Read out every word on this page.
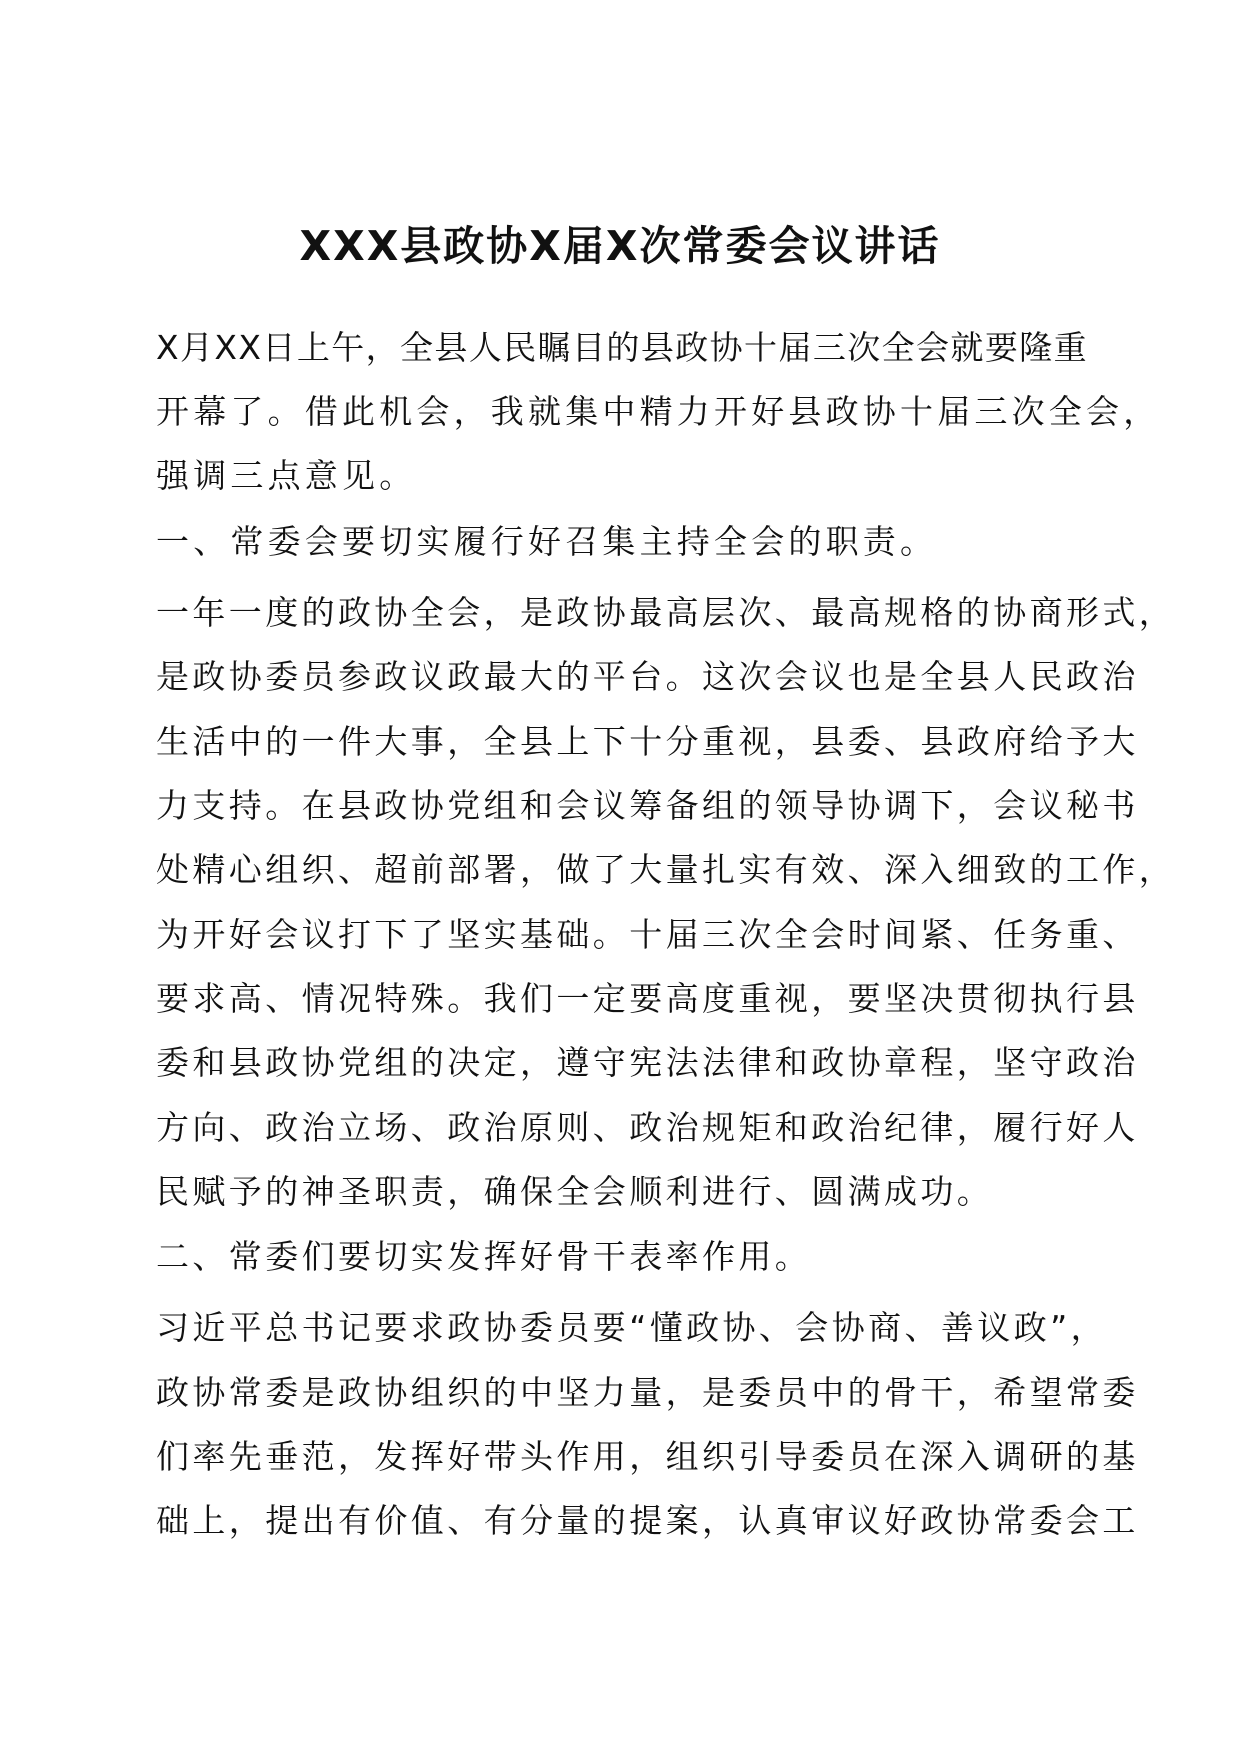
XXX县政协X届X次常委会议讲话

X月XX日上午，全县人民瞩目的县政协十届三次全会就要隆重

开幕了。借此机会，我就集中精力开好县政协十届三次全会，

强调三点意见。

一、常委会要切实履行好召集主持全会的职责。

一年一度的政协全会，是政协最高层次、最高规格的协商形式，

是政协委员参政议政最大的平台。这次会议也是全县人民政治

生活中的一件大事，全县上下十分重视，县委、县政府给予大

力支持。在县政协党组和会议筹备组的领导协调下，会议秘书

处精心组织、超前部署，做了大量扎实有效、深入细致的工作，

为开好会议打下了坚实基础。十届三次全会时间紧、任务重、

要求高、情况特殊。我们一定要高度重视，要坚决贯彻执行县

委和县政协党组的决定，遵守宪法法律和政协章程，坚守政治

方向、政治立场、政治原则、政治规矩和政治纪律，履行好人

民赋予的神圣职责，确保全会顺利进行、圆满成功。

二、常委们要切实发挥好骨干表率作用。

习近平总书记要求政协委员要“懂政协、会协商、善议政”，

政协常委是政协组织的中坚力量，是委员中的骨干，希望常委

们率先垂范，发挥好带头作用，组织引导委员在深入调研的基

础上，提出有价值、有分量的提案，认真审议好政协常委会工
